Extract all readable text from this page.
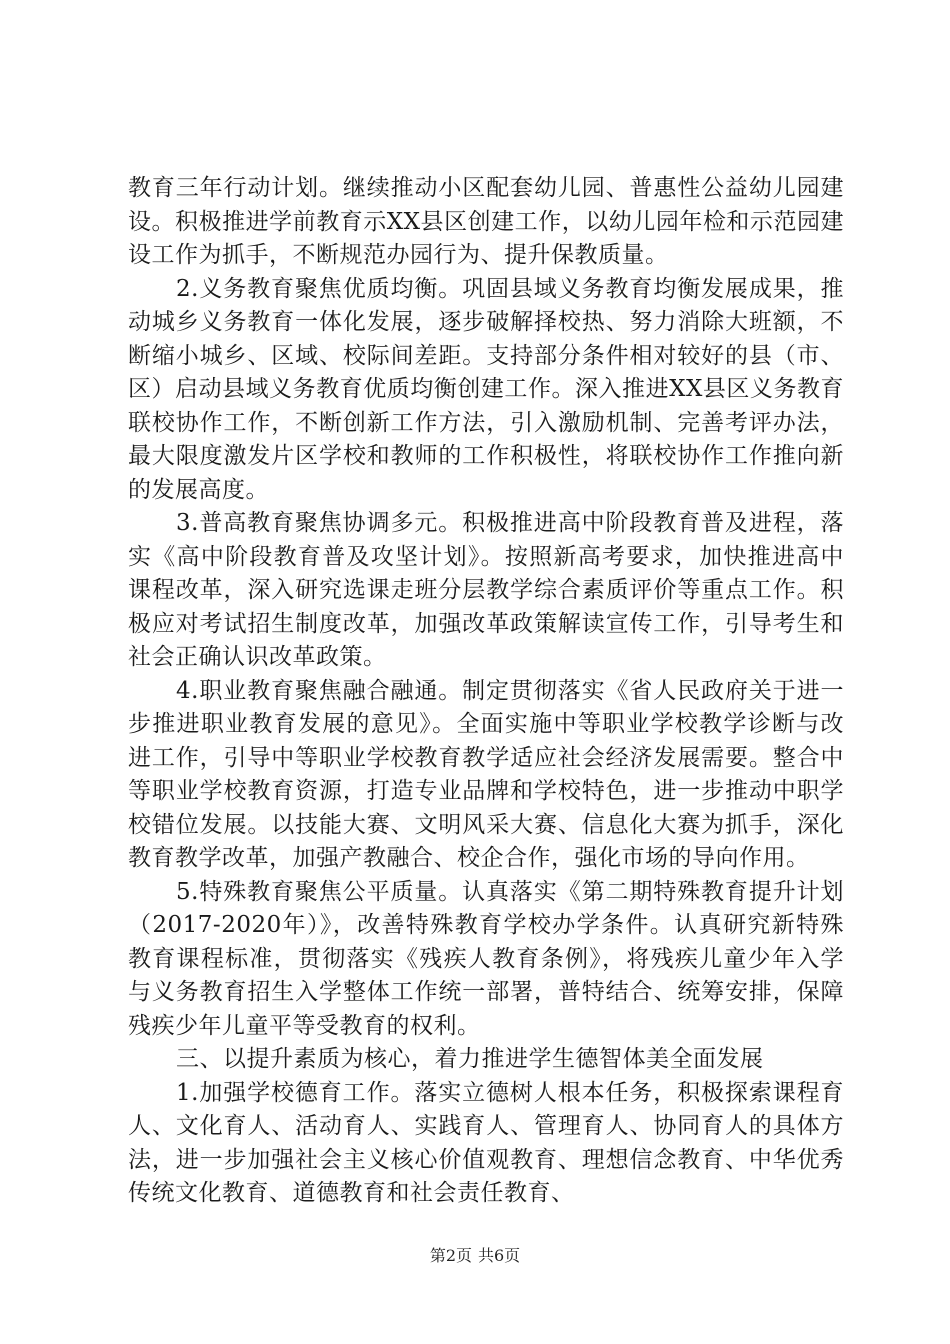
教育三年行动计划。继续推动小区配套幼儿园、普惠性公益幼儿园建设。积极推进学前教育示XX县区创建工作，以幼儿园年检和示范园建设工作为抓手，不断规范办园行为、提升保教质量。

2.义务教育聚焦优质均衡。巩固县域义务教育均衡发展成果，推动城乡义务教育一体化发展，逐步破解择校热、努力消除大班额，不断缩小城乡、区域、校际间差距。支持部分条件相对较好的县（市、区）启动县域义务教育优质均衡创建工作。深入推进XX县区义务教育联校协作工作，不断创新工作方法，引入激励机制、完善考评办法，最大限度激发片区学校和教师的工作积极性，将联校协作工作推向新的发展高度。

3.普高教育聚焦协调多元。积极推进高中阶段教育普及进程，落实《高中阶段教育普及攻坚计划》。按照新高考要求，加快推进高中课程改革，深入研究选课走班分层教学综合素质评价等重点工作。积极应对考试招生制度改革，加强改革政策解读宣传工作，引导考生和社会正确认识改革政策。

4.职业教育聚焦融合融通。制定贯彻落实《省人民政府关于进一步推进职业教育发展的意见》。全面实施中等职业学校教学诊断与改进工作，引导中等职业学校教育教学适应社会经济发展需要。整合中等职业学校教育资源，打造专业品牌和学校特色，进一步推动中职学校错位发展。以技能大赛、文明风采大赛、信息化大赛为抓手，深化教育教学改革，加强产教融合、校企合作，强化市场的导向作用。

5.特殊教育聚焦公平质量。认真落实《第二期特殊教育提升计划（2017-2020年）》，改善特殊教育学校办学条件。认真研究新特殊教育课程标准，贯彻落实《残疾人教育条例》，将残疾儿童少年入学与义务教育招生入学整体工作统一部署，普特结合、统筹安排，保障残疾少年儿童平等受教育的权利。

三、以提升素质为核心，着力推进学生德智体美全面发展

1.加强学校德育工作。落实立德树人根本任务，积极探索课程育人、文化育人、活动育人、实践育人、管理育人、协同育人的具体方法，进一步加强社会主义核心价值观教育、理想信念教育、中华优秀传统文化教育、道德教育和社会责任教育、

第2页 共6页
